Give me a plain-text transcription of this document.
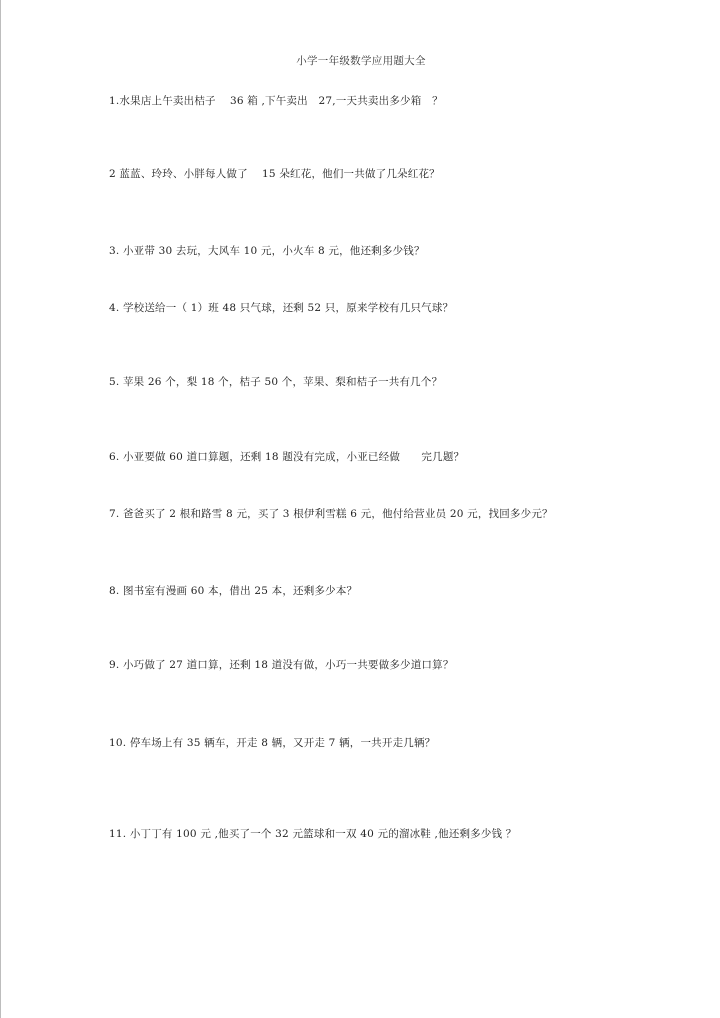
小学一年级数学应用题大全
1.水果店上午卖出桔子　 36 箱 ,下午卖出　27,一天共卖出多少箱　？
2 蓝蓝、玲玲、小胖每人做了　 15 朵红花，他们一共做了几朵红花？
3. 小亚带 30 去玩，大风车 10 元，小火车 8 元，他还剩多少钱？
4. 学校送给一（ 1）班 48 只气球，还剩 52 只，原来学校有几只气球？
5. 苹果 26 个，梨 18 个，桔子 50 个，苹果、梨和桔子一共有几个？
6. 小亚要做 60 道口算题，还剩 18 题没有完成，小亚已经做　　完几题？
7. 爸爸买了 2 根和路雪 8 元，买了 3 根伊利雪糕 6 元，他付给营业员 20 元，找回多少元？
8. 图书室有漫画 60 本，借出 25 本，还剩多少本？
9. 小巧做了 27 道口算，还剩 18 道没有做，小巧一共要做多少道口算？
10. 停车场上有 35 辆车，开走 8 辆，又开走 7 辆，一共开走几辆？
11. 小丁丁有 100 元 ,他买了一个 32 元篮球和一双 40 元的溜冰鞋 ,他还剩多少钱 ？
